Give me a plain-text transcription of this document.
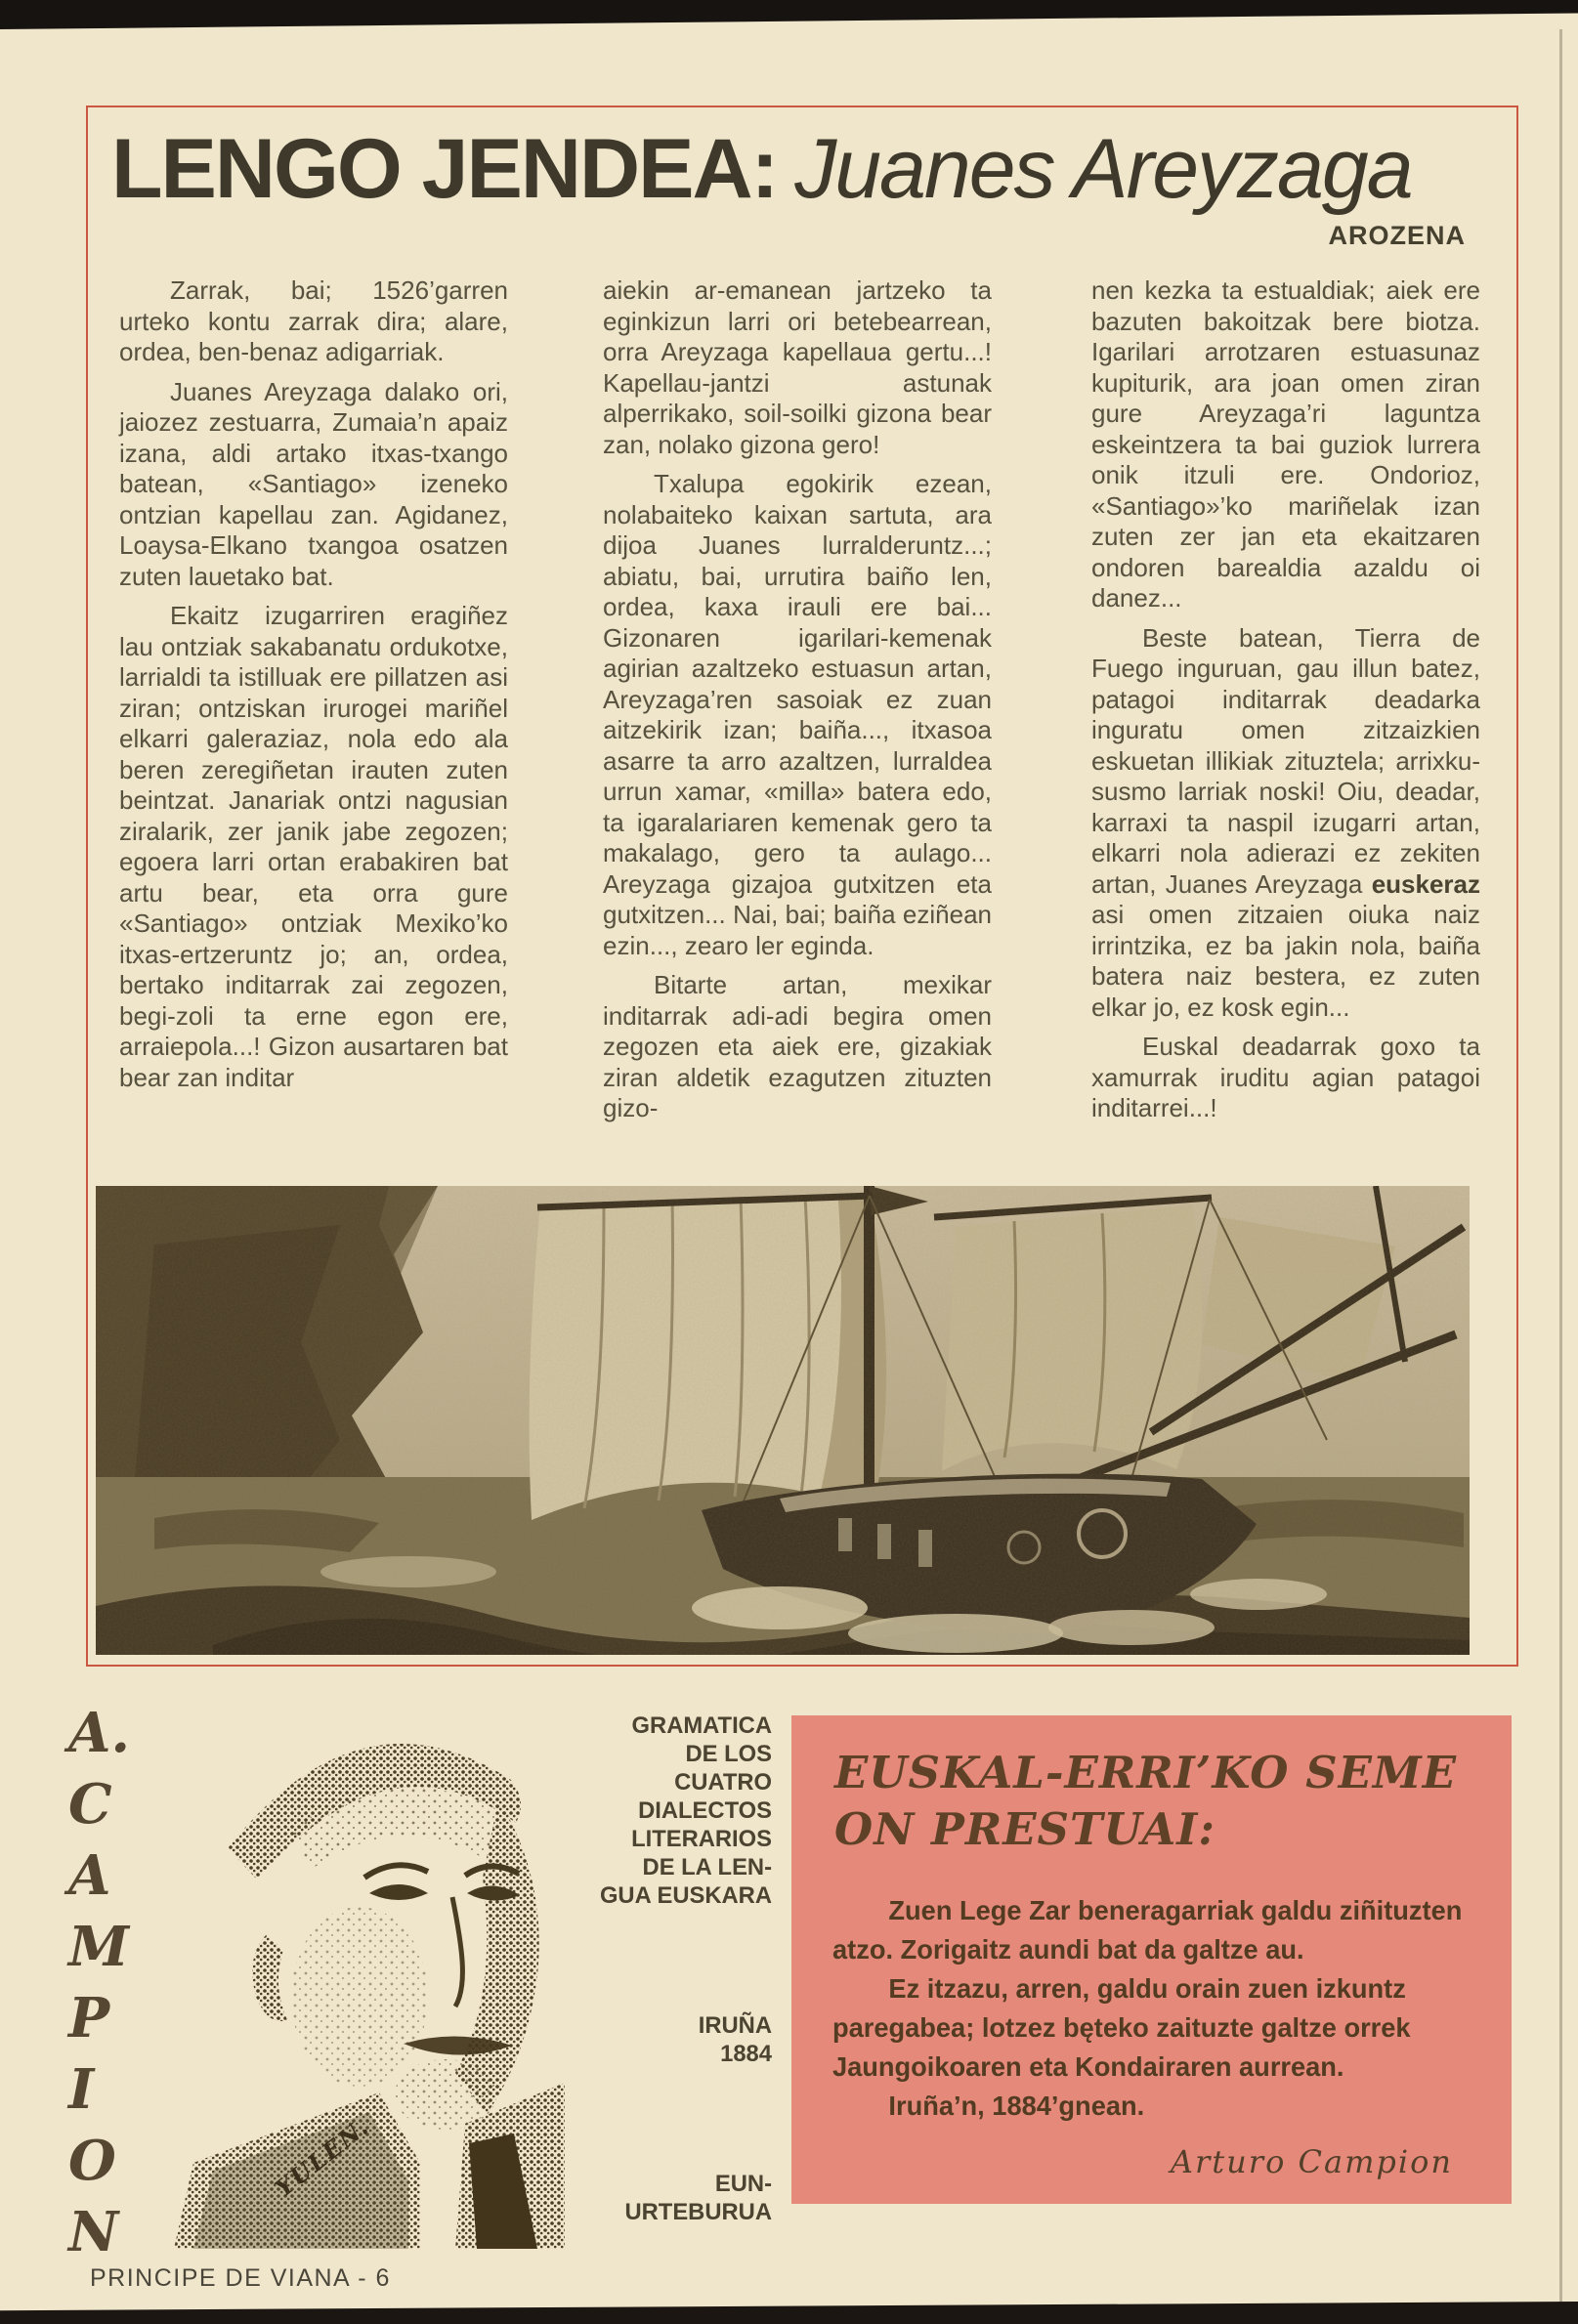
LENGO JENDEA: Juanes Areyzaga
AROZENA

Zarrak, bai; 1526’garren urteko kontu zarrak dira; alare, ordea, ben-benaz adigarriak.

Juanes Areyzaga dalako ori, jaiozez zestuarra, Zumaia’n apaiz izana, aldi artako itxas-txango batean, «Santiago» izeneko ontzian kapellau zan. Agidanez, Loaysa-Elkano txangoa osatzen zuten lauetako bat.

Ekaitz izugarriren eragiñez lau ontziak sakabanatu ordukotxe, larrialdi ta istilluak ere pillatzen asi ziran; ontziskan irurogei mariñel elkarri galeraziaz, nola edo ala beren zeregiñetan irauten zuten beintzat. Janariak ontzi nagusian ziralarik, zer janik jabe zegozen; egoera larri ortan erabakiren bat artu bear, eta orra gure «Santiago» ontziak Mexiko’ko itxas-ertzeruntz jo; an, ordea, bertako inditarrak zai zegozen, begi-zoli ta erne egon ere, arraiepola...! Gizon ausartaren bat bear zan inditar

aiekin ar-emanean jartzeko ta eginkizun larri ori betebearrean, orra Areyzaga kapellaua gertu...! Kapellau-jantzi astunak alperrikako, soil-soilki gizona bear zan, nolako gizona gero!

Txalupa egokirik ezean, nolabaiteko kaixan sartuta, ara dijoa Juanes lurralderuntz...; abiatu, bai, urrutira baiño len, ordea, kaxa irauli ere bai... Gizonaren igarilari-kemenak agirian azaltzeko estuasun artan, Areyzaga’ren sasoiak ez zuan aitzekirik izan; baiña..., itxasoa asarre ta arro azaltzen, lurraldea urrun xamar, «milla» batera edo, ta igaralariaren kemenak gero ta makalago, gero ta aulago... Areyzaga gizajoa gutxitzen eta gutxitzen... Nai, bai; baiña eziñean ezin..., zearo ler eginda.

Bitarte artan, mexikar inditarrak adi-adi begira omen zegozen eta aiek ere, gizakiak ziran aldetik ezagutzen zituzten gizo-

nen kezka ta estualdiak; aiek ere bazuten bakoitzak bere biotza. Igarilari arrotzaren estuasunaz kupiturik, ara joan omen ziran gure Areyzaga’ri laguntza eskeintzera ta bai guziok lurrera onik itzuli ere. Ondorioz, «Santiago»’ko mariñelak izan zuten zer jan eta ekaitzaren ondoren barealdia azaldu oi danez...

Beste batean, Tierra de Fuego inguruan, gau illun batez, patagoi inditarrak deadarka inguratu omen zitzaizkien eskuetan illikiak zituztela; arrixku-susmo larriak noski! Oiu, deadar, karraxi ta naspil izugarri artan, elkarri nola adierazi ez zekiten artan, Juanes Areyzaga euskeraz asi omen zitzaien oiuka naiz irrintzika, ez ba jakin nola, baiña batera naiz bestera, ez zuten elkar jo, ez kosk egin...

Euskal deadarrak goxo ta xamurrak iruditu agian patagoi inditarrei...!

A.
C
A
M
P
I
O
N
YULEN.
GRAMATICA
DE LOS
CUATRO
DIALECTOS
LITERARIOS
DE LA LEN-
GUA EUSKARA
IRUÑA
1884
EUN-
URTEBURUA
EUSKAL-ERRI’KO SEME
ON PRESTUAI:

Zuen Lege Zar beneragarriak galdu ziñituzten atzo. Zorigaitz aundi bat da galtze au.

Ez itzazu, arren, galdu orain zuen izkuntz paregabea; lotzez bęteko zaituzte galtze orrek Jaungoikoaren eta Kondairaren aurrean.

Iruña’n, 1884’gnean.

Arturo Campion
PRINCIPE DE VIANA - 6
